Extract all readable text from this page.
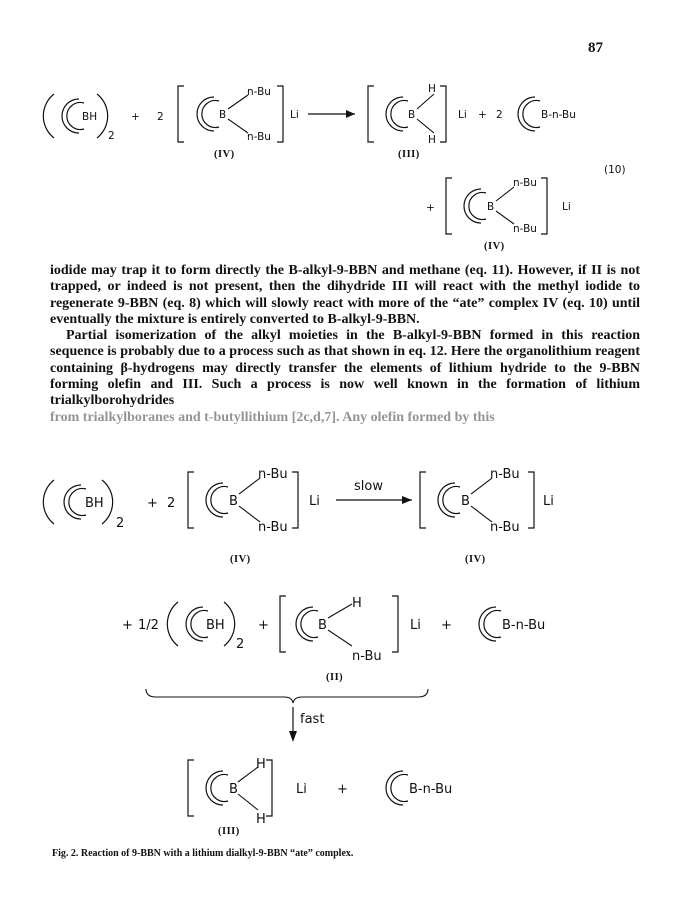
87
BH
2
+ 2	B
n-Bu
n-Bu
Li	B
H
H
Li + 2	B-n-Bu
(IV)	(III)
(10)
+	B
n-Bu
n-Bu
Li
(IV)
BH
2
+ 2	B
n-Bu
n-Bu
Li
slow
B
n-Bu
n-Bu
Li
(IV)	(IV)
+ 1/2	BH
2
+	B
H
n-Bu
Li +	B-n-Bu
(II)
fast
B
H
H
Li +	B-n-Bu
(III)

iodide may trap it to form directly the B-alkyl-9-BBN and methane (eq. 11). However, if II is not trapped, or indeed is not present, then the dihydride III will react with the methyl iodide to regenerate 9-BBN (eq. 8) which will slowly react with more of the “ate” complex IV (eq. 10) until eventually the mixture is entirely converted to B-alkyl-9-BBN.

Partial isomerization of the alkyl moieties in the B-alkyl-9-BBN formed in this reaction sequence is probably due to a process such as that shown in eq. 12. Here the organolithium reagent containing β-hydrogens may directly transfer the elements of lithium hydride to the 9-BBN forming olefin and III. Such a process is now well known in the formation of lithium trialkylborohydrides

from trialkylboranes and t-butyllithium [2c,d,7]. Any olefin formed by this

Fig. 2. Reaction of 9-BBN with a lithium dialkyl-9-BBN “ate” complex.
